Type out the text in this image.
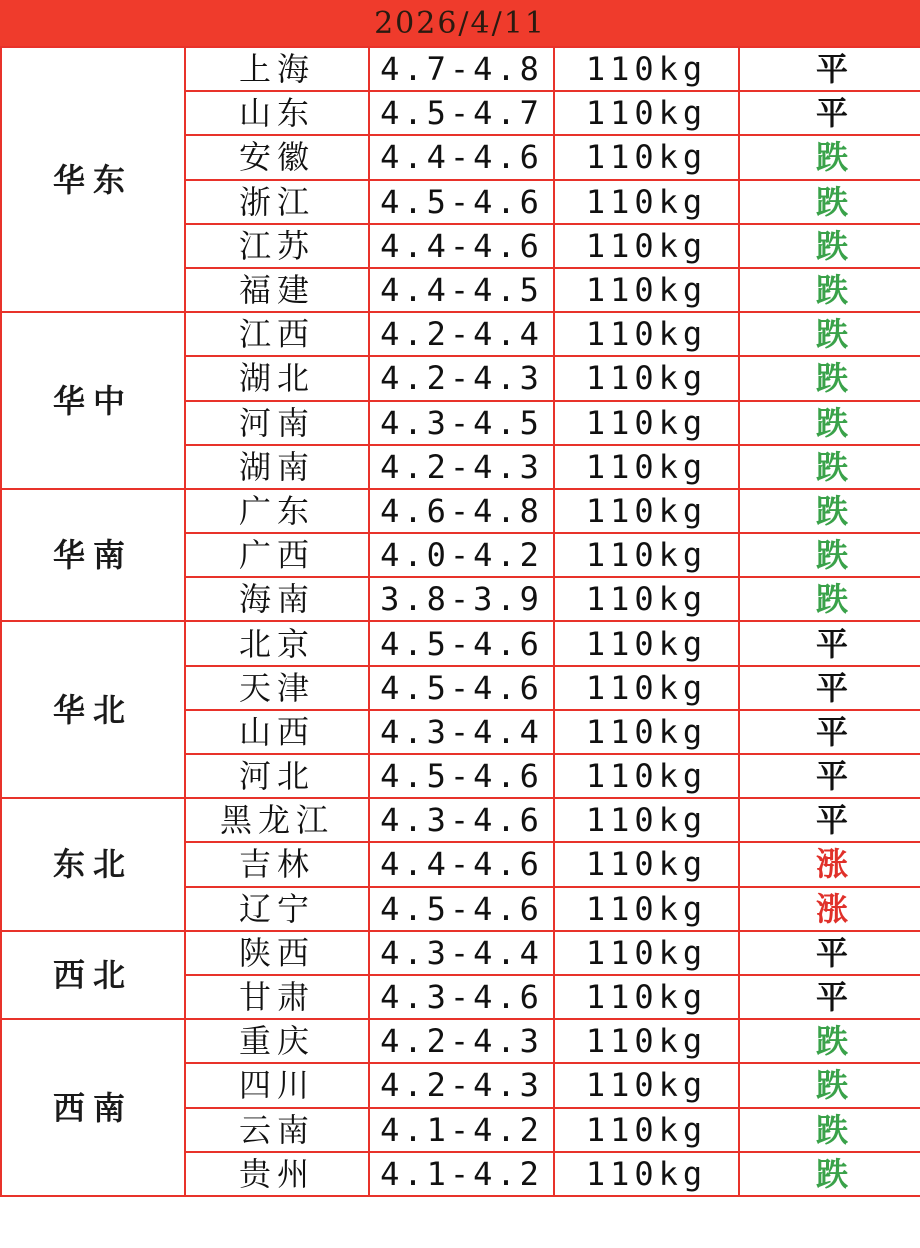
2026/4/11
华东	上海	4.7-4.8	110kg	平
	山东	4.5-4.7	110kg	平
	安徽	4.4-4.6	110kg	跌
	浙江	4.5-4.6	110kg	跌
	江苏	4.4-4.6	110kg	跌
	福建	4.4-4.5	110kg	跌
华中	江西	4.2-4.4	110kg	跌
	湖北	4.2-4.3	110kg	跌
	河南	4.3-4.5	110kg	跌
	湖南	4.2-4.3	110kg	跌
华南	广东	4.6-4.8	110kg	跌
	广西	4.0-4.2	110kg	跌
	海南	3.8-3.9	110kg	跌
华北	北京	4.5-4.6	110kg	平
	天津	4.5-4.6	110kg	平
	山西	4.3-4.4	110kg	平
	河北	4.5-4.6	110kg	平
东北	黑龙江	4.3-4.6	110kg	平
	吉林	4.4-4.6	110kg	涨
	辽宁	4.5-4.6	110kg	涨
西北	陕西	4.3-4.4	110kg	平
	甘肃	4.3-4.6	110kg	平
西南	重庆	4.2-4.3	110kg	跌
	四川	4.2-4.3	110kg	跌
	云南	4.1-4.2	110kg	跌
	贵州	4.1-4.2	110kg	跌
